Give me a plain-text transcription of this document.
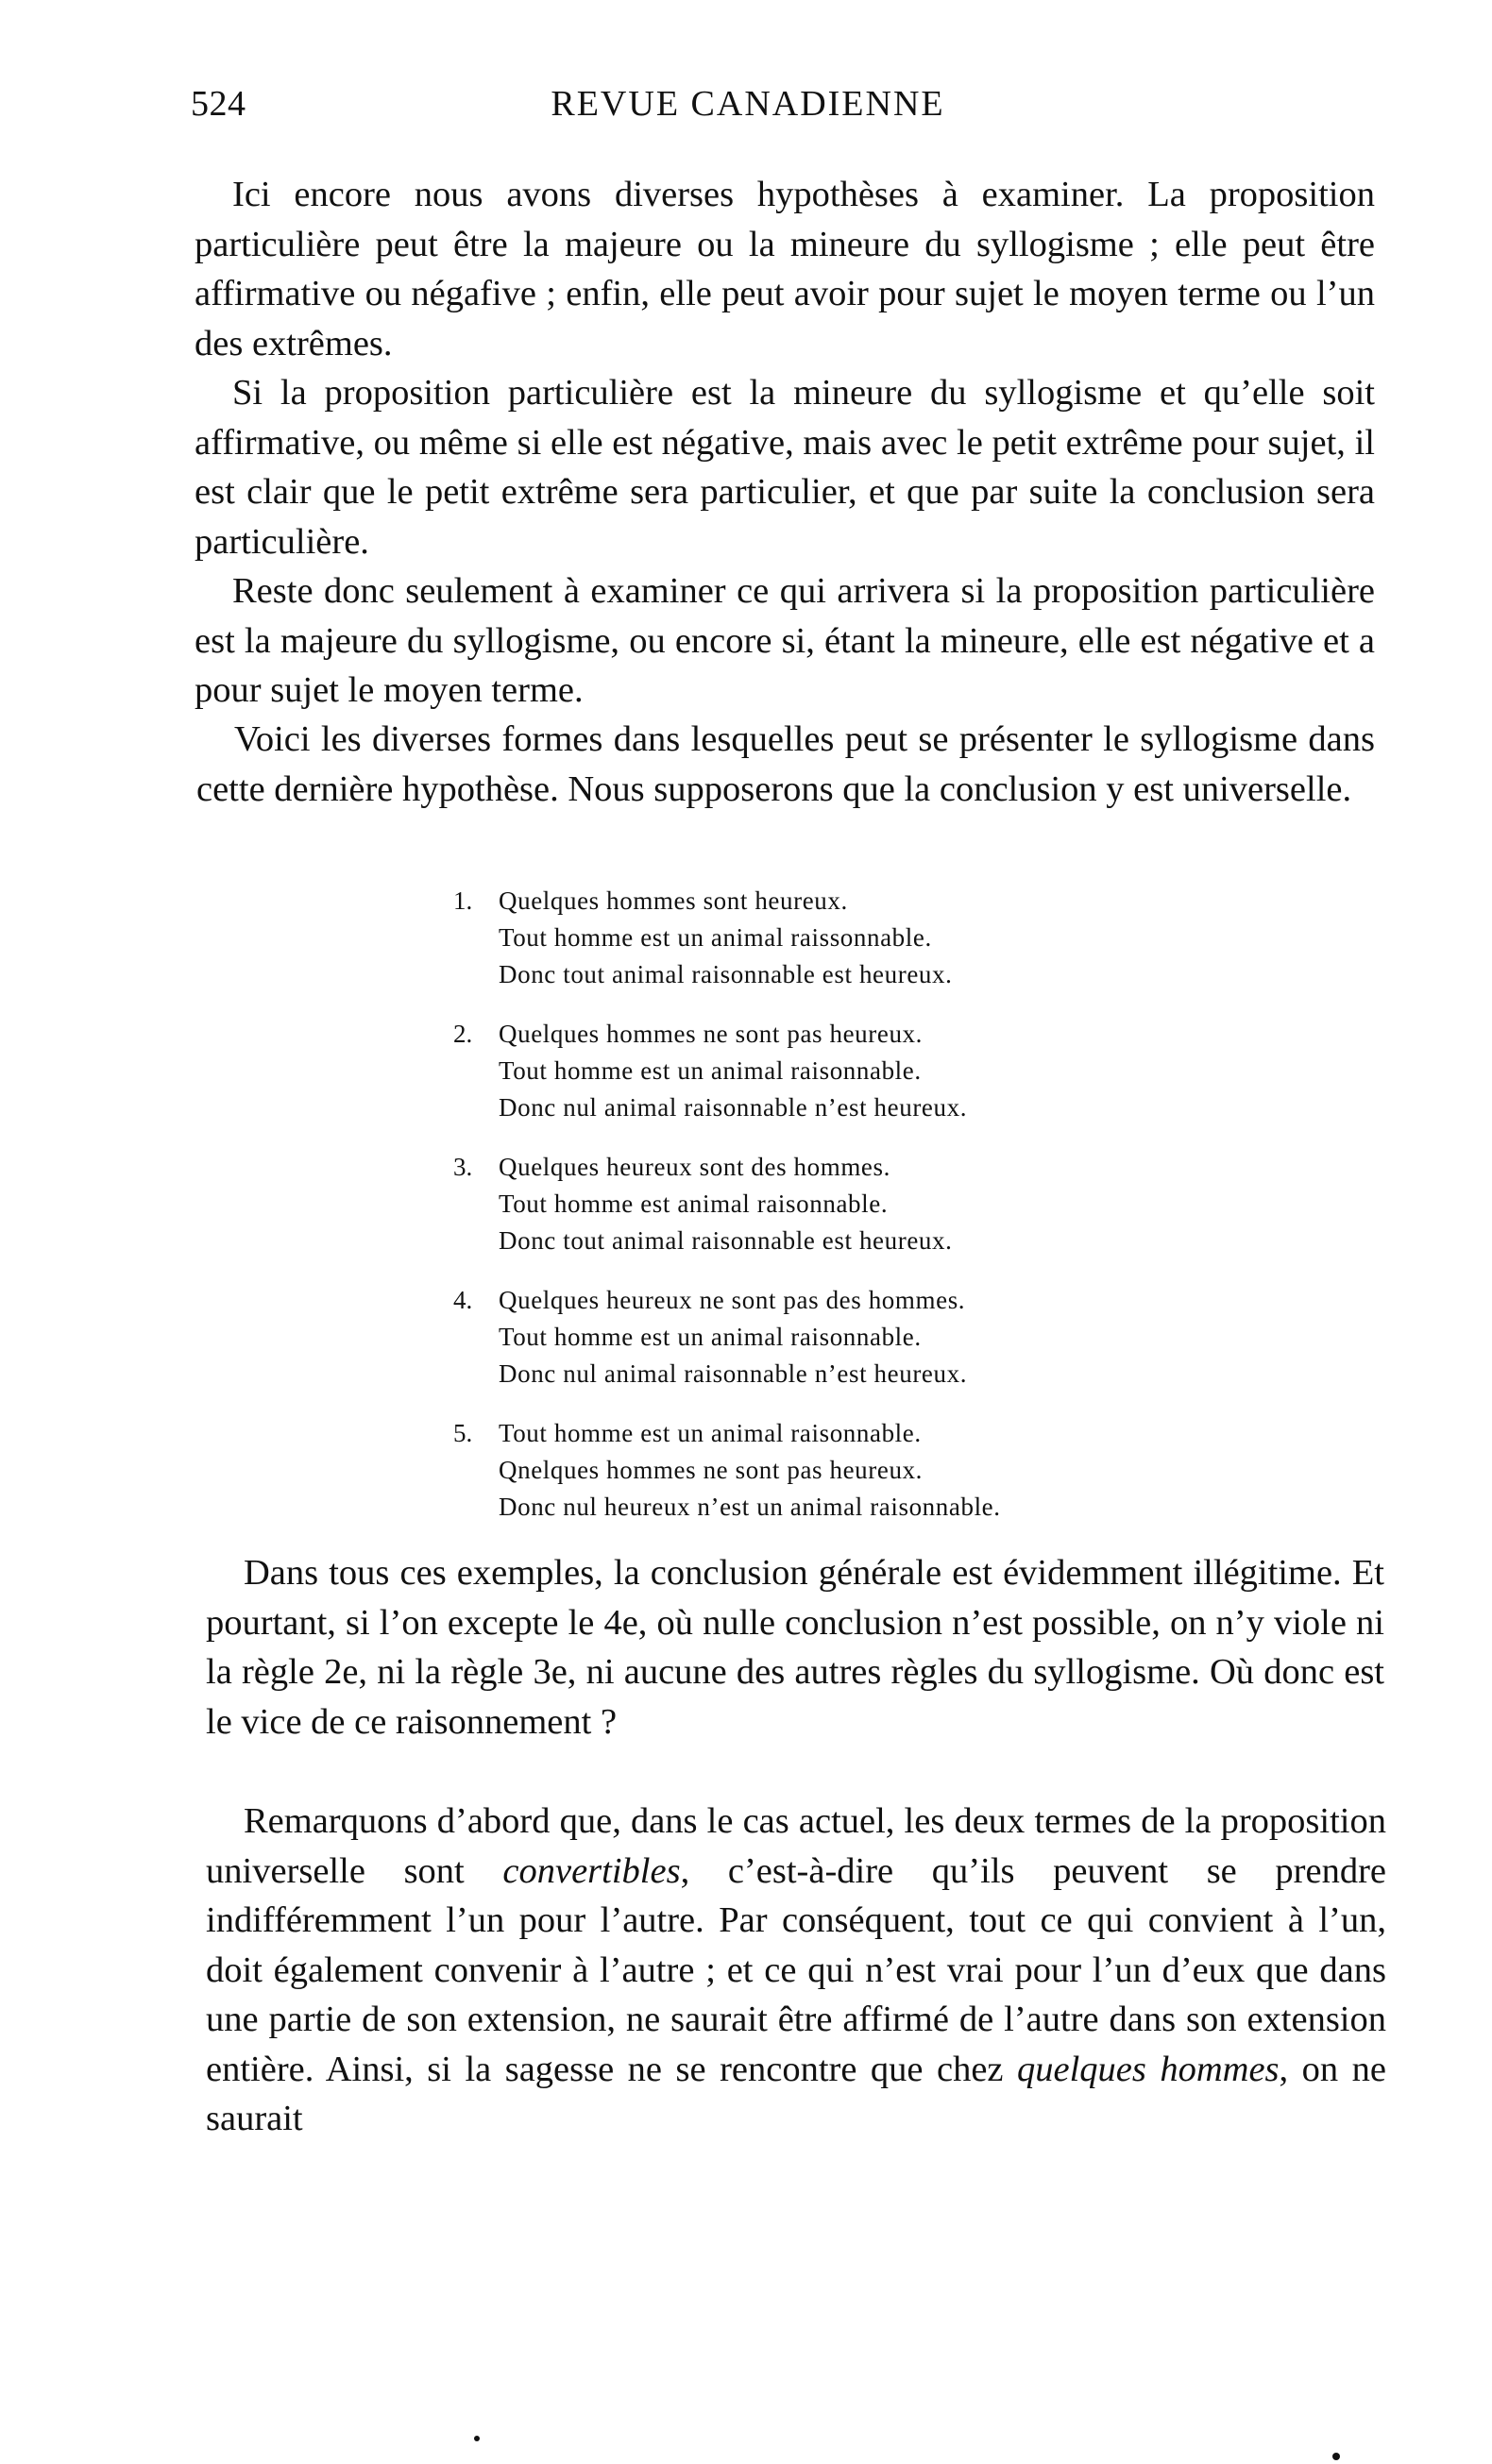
524	REVUE CANADIENNE

Ici encore nous avons diverses hypothèses à examiner. La proposition particulière peut être la majeure ou la mineure du syllogisme ; elle peut être affirmative ou négafive ; enfin, elle peut avoir pour sujet le moyen terme ou l’un des extrêmes.

Si la proposition particulière est la mineure du syllogisme et qu’elle soit affirmative, ou même si elle est négative, mais avec le petit extrême pour sujet, il est clair que le petit extrême sera particulier, et que par suite la conclusion sera particulière.

Reste donc seulement à examiner ce qui arrivera si la proposition particulière est la majeure du syllogisme, ou encore si, étant la mineure, elle est négative et a pour sujet le moyen terme.

Voici les diverses formes dans lesquelles peut se présenter le syllogisme dans cette dernière hypothèse. Nous supposerons que la conclusion y est universelle.

1. Quelques hommes sont heureux.
Tout homme est un animal raissonnable.
Donc tout animal raisonnable est heureux.
2. Quelques hommes ne sont pas heureux.
Tout homme est un animal raisonnable.
Donc nul animal raisonnable n’est heureux.
3. Quelques heureux sont des hommes.
Tout homme est animal raisonnable.
Donc tout animal raisonnable est heureux.
4. Quelques heureux ne sont pas des hommes.
Tout homme est un animal raisonnable.
Donc nul animal raisonnable n’est heureux.
5. Tout homme est un animal raisonnable.
Qnelques hommes ne sont pas heureux.
Donc nul heureux n’est un animal raisonnable.

Dans tous ces exemples, la conclusion générale est évidemment illégitime. Et pourtant, si l’on excepte le 4e, où nulle conclusion n’est possible, on n’y viole ni la règle 2e, ni la règle 3e, ni aucune des autres règles du syllogisme. Où donc est le vice de ce raisonnement ?

Remarquons d’abord que, dans le cas actuel, les deux termes de la proposition universelle sont convertibles, c’est-à-dire qu’ils peuvent se prendre indifféremment l’un pour l’autre. Par conséquent, tout ce qui convient à l’un, doit également convenir à l’autre ; et ce qui n’est vrai pour l’un d’eux que dans une partie de son extension, ne saurait être affirmé de l’autre dans son extension entière. Ainsi, si la sagesse ne se rencontre que chez quelques hommes, on ne saurait
